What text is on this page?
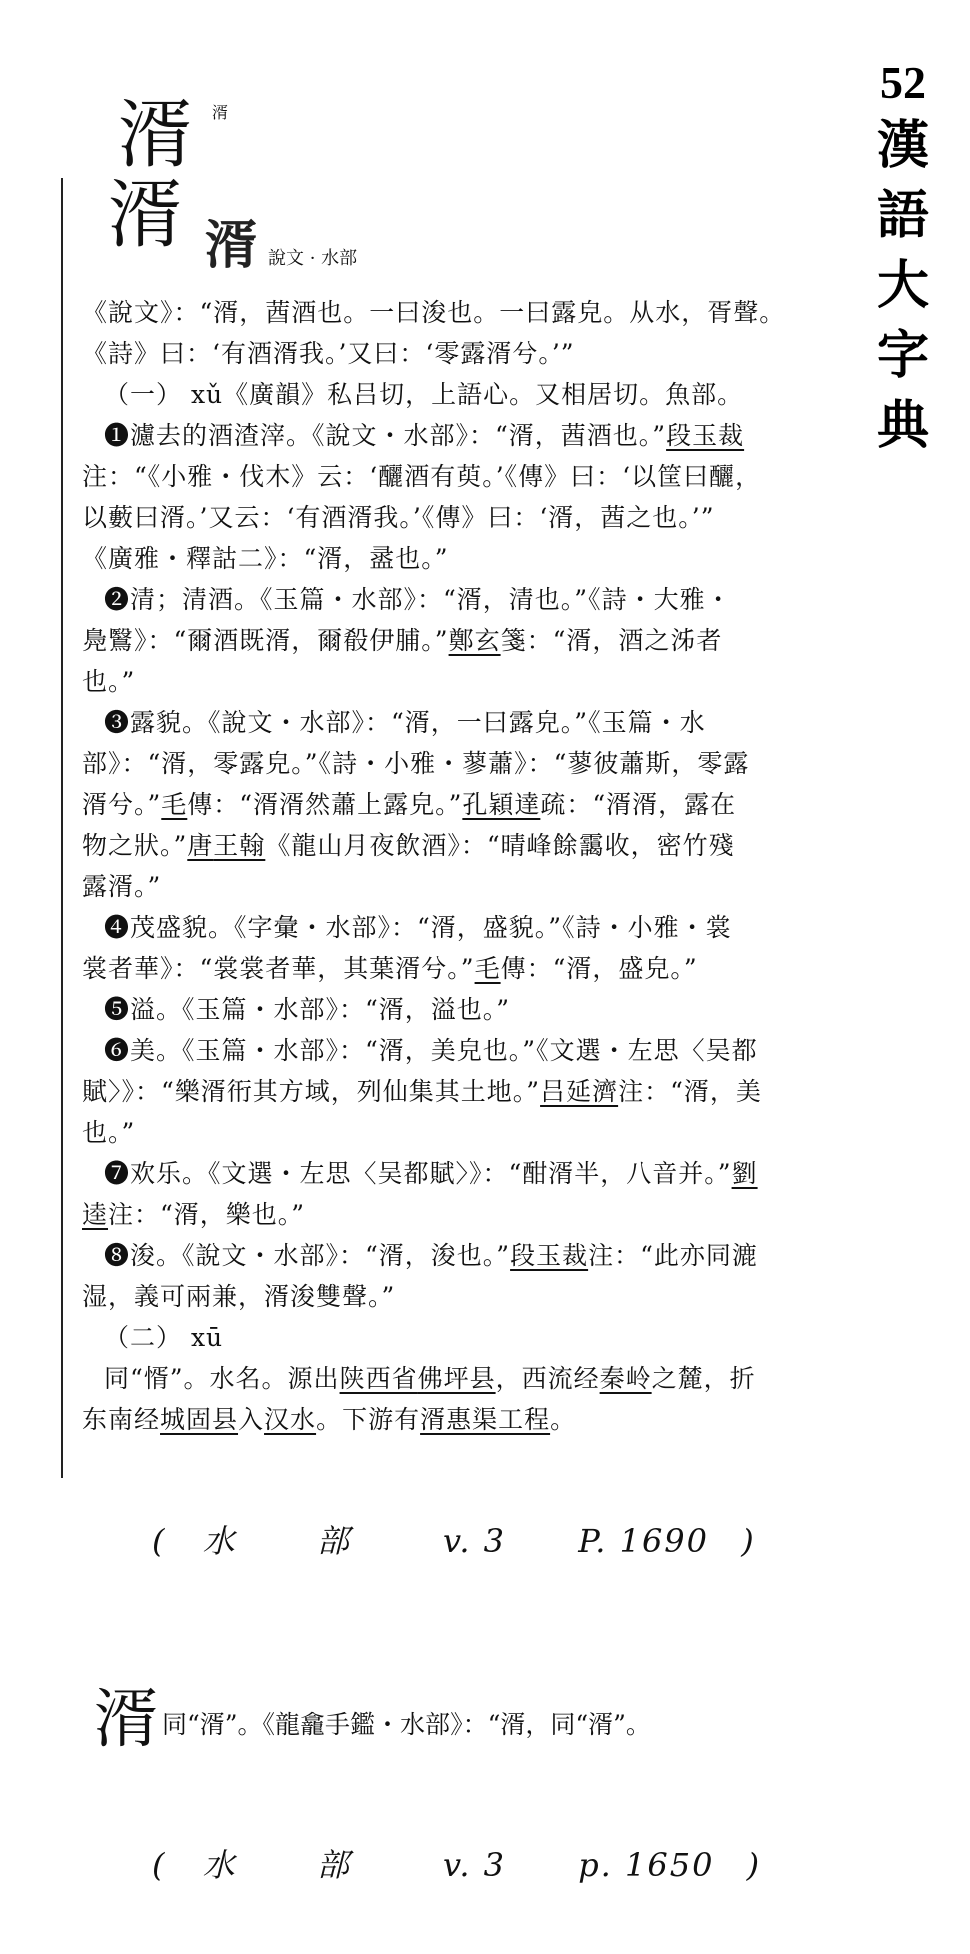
52
漢
語
大
字
典
湑 湑
湑 湑 說文 · 水部

《說文》：“湑，莤酒也。一曰浚也。一曰露皃。从水，胥聲。

《詩》曰：‘有酒湑我。’又曰：‘零露湑兮。’”

（一） xǔ《廣韻》私吕切，上語心。又相居切。魚部。

❶濾去的酒渣滓。《說文・水部》：“湑，莤酒也。”段玉裁

注：“《小雅・伐木》云：‘釃酒有萸。’《傳》曰：‘以筐曰釃，

以藪曰湑。’又云：‘有酒湑我。’《傳》曰：‘湑，莤之也。’”

《廣雅・釋詁二》：“湑，盝也。”

❷清；清酒。《玉篇・水部》：“湑，清也。”《詩・大雅・

鳧鷖》：“爾酒既湑，爾殽伊脯。”鄭玄箋：“湑，酒之泲者

也。”

❸露貌。《說文・水部》：“湑，一曰露皃。”《玉篇・水

部》：“湑，零露皃。”《詩・小雅・蓼蕭》：“蓼彼蕭斯，零露

湑兮。”毛傳：“湑湑然蕭上露皃。”孔穎達疏：“湑湑，露在

物之狀。”唐王翰《龍山月夜飲酒》：“晴峰餘靄收，密竹殘

露湑。”

❹茂盛貌。《字彙・水部》：“湑，盛貌。”《詩・小雅・裳

裳者華》：“裳裳者華，其葉湑兮。”毛傳：“湑，盛皃。”

❺溢。《玉篇・水部》：“湑，溢也。”

❻美。《玉篇・水部》：“湑，美皃也。”《文選・左思〈吴都

賦〉》：“樂湑衎其方域，列仙集其土地。”吕延濟注：“湑，美

也。”

❼欢乐。《文選・左思〈吴都賦〉》：“酣湑半，八音并。”劉

逵注：“湑，樂也。”

❽浚。《說文・水部》：“湑，浚也。”段玉裁注：“此亦同漉

湿，義可兩兼，湑浚雙聲。”

（二） xū

同“㥠”。水名。源出陕西省佛坪县，西流经秦岭之麓，折

东南经城固县入汉水。下游有湑惠渠工程。

( 水	部	v. 3 P. 1690 )
湑同“湑”。《龍龕手鑑・水部》：“湑，同“湑”。
( 水	部	v. 3 p. 1650 )
